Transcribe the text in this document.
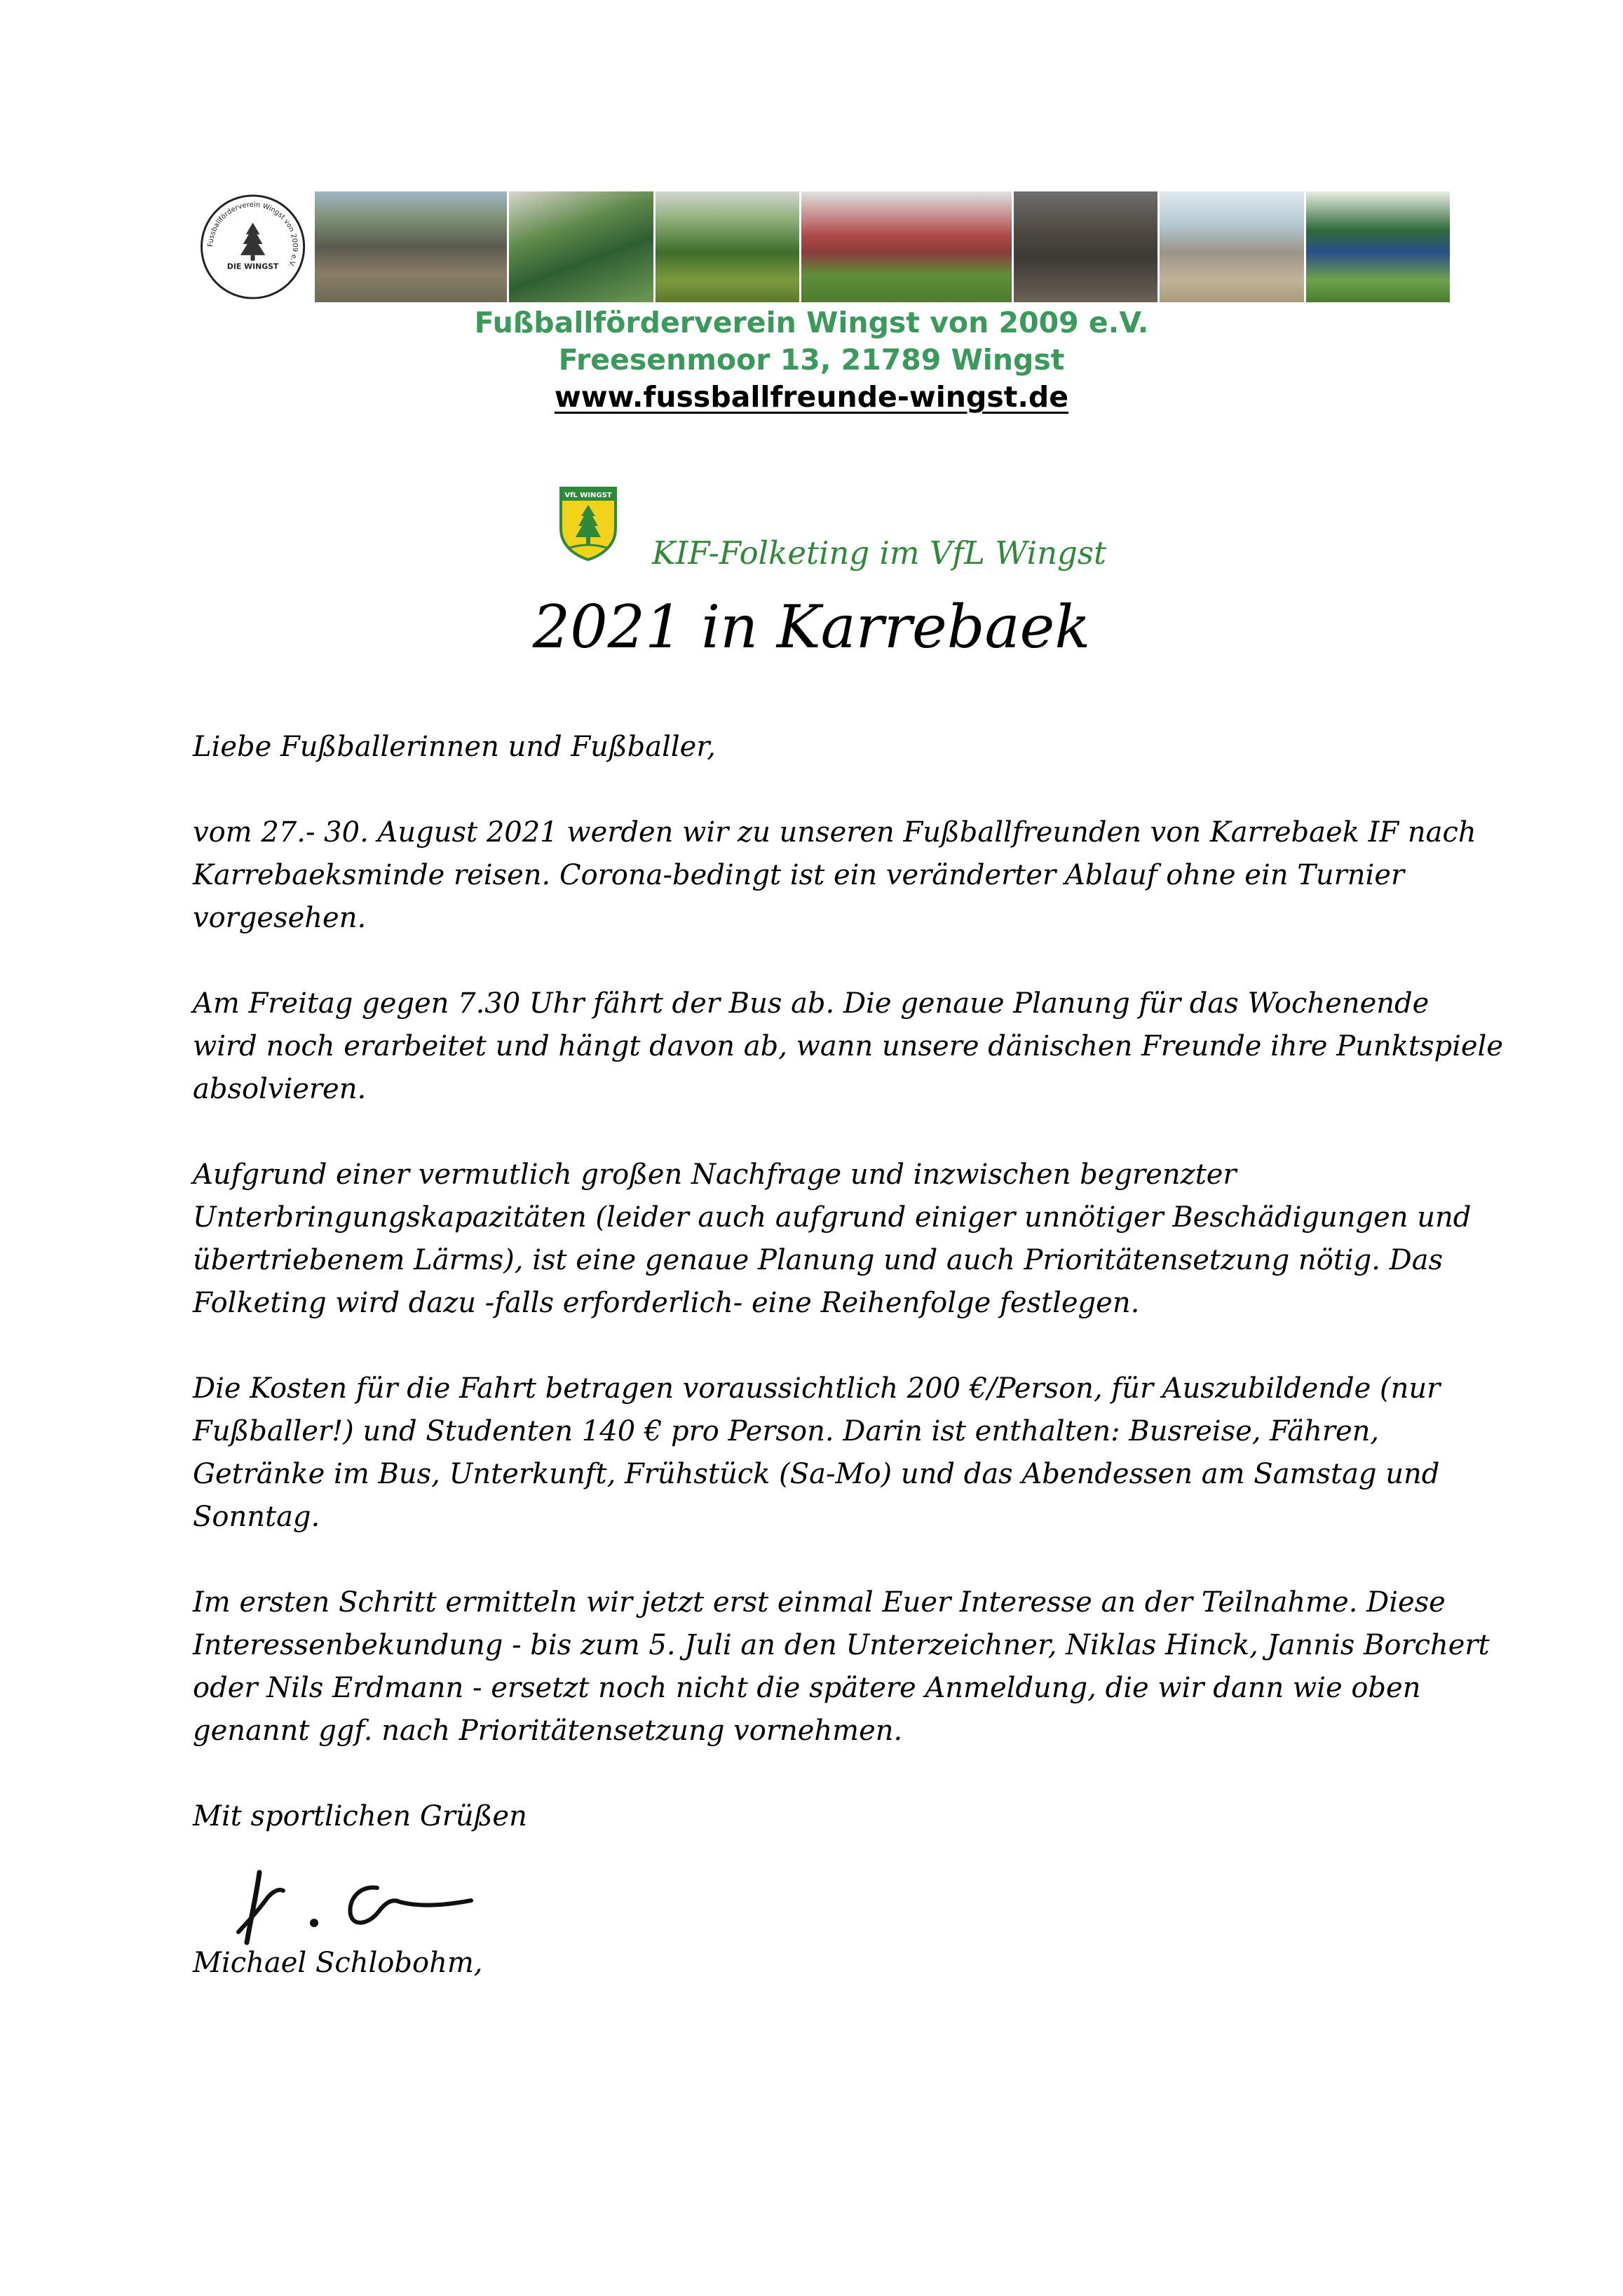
Fussballförderverein Wingst von 2009 e.V.
DIE WINGST
Fußballförderverein Wingst von 2009 e.V.
Freesenmoor 13, 21789 Wingst
www.fussballfreunde-wingst.de
VfL WINGST
KIF-Folketing im VfL Wingst
2021 in Karrebaek

Liebe Fußballerinnen und Fußballer,

vom 27.- 30. August 2021 werden wir zu unseren Fußballfreunden von Karrebaek IF nach
Karrebaeksminde reisen. Corona-bedingt ist ein veränderter Ablauf ohne ein Turnier
vorgesehen.

Am Freitag gegen 7.30 Uhr fährt der Bus ab. Die genaue Planung für das Wochenende
wird noch erarbeitet und hängt davon ab, wann unsere dänischen Freunde ihre Punktspiele
absolvieren.

Aufgrund einer vermutlich großen Nachfrage und inzwischen begrenzter
Unterbringungskapazitäten (leider auch aufgrund einiger unnötiger Beschädigungen und
übertriebenem Lärms), ist eine genaue Planung und auch Prioritätensetzung nötig. Das
Folketing wird dazu -falls erforderlich- eine Reihenfolge festlegen.

Die Kosten für die Fahrt betragen voraussichtlich 200 €/Person, für Auszubildende (nur
Fußballer!) und Studenten 140 € pro Person. Darin ist enthalten: Busreise, Fähren,
Getränke im Bus, Unterkunft, Frühstück (Sa-Mo) und das Abendessen am Samstag und
Sonntag.

Im ersten Schritt ermitteln wir jetzt erst einmal Euer Interesse an der Teilnahme. Diese
Interessenbekundung - bis zum 5. Juli an den Unterzeichner, Niklas Hinck, Jannis Borchert
oder Nils Erdmann - ersetzt noch nicht die spätere Anmeldung, die wir dann wie oben
genannt ggf. nach Prioritätensetzung vornehmen.

Mit sportlichen Grüßen

Michael Schlobohm,
